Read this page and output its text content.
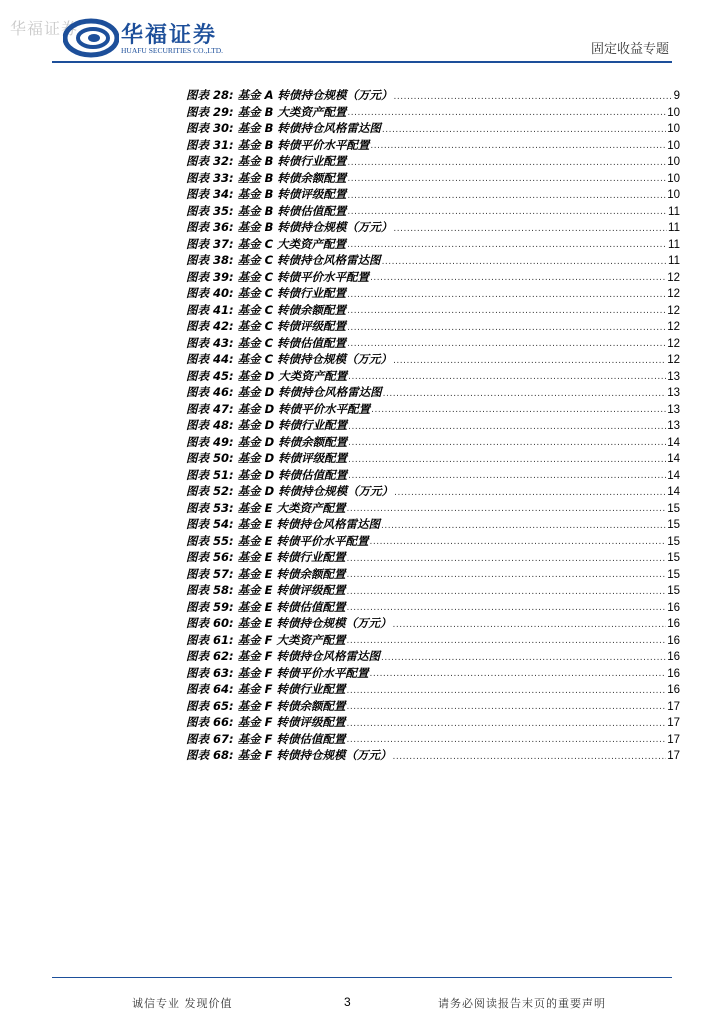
华福证券 华福证券
HUAFU SECURITIES CO.,LTD.	固定收益专题
图表 28: 基金 A 转债持仓规模（万元） .....	9
图表 29: 基金 B 大类资产配置 .....	10
图表 30: 基金 B 转债持仓风格雷达图 .....	10
图表 31: 基金 B 转债平价水平配置 .....	10
图表 32: 基金 B 转债行业配置 .....	10
图表 33: 基金 B 转债余额配置 .....	10
图表 34: 基金 B 转债评级配置 .....	10
图表 35: 基金 B 转债估值配置 .....	11
图表 36: 基金 B 转债持仓规模（万元） .....	11
图表 37: 基金 C 大类资产配置 .....	11
图表 38: 基金 C 转债持仓风格雷达图 .....	11
图表 39: 基金 C 转债平价水平配置 .....	12
图表 40: 基金 C 转债行业配置 .....	12
图表 41: 基金 C 转债余额配置 .....	12
图表 42: 基金 C 转债评级配置 .....	12
图表 43: 基金 C 转债估值配置 .....	12
图表 44: 基金 C 转债持仓规模（万元） .....	12
图表 45: 基金 D 大类资产配置 .....	13
图表 46: 基金 D 转债持仓风格雷达图 .....	13
图表 47: 基金 D 转债平价水平配置 .....	13
图表 48: 基金 D 转债行业配置 .....	13
图表 49: 基金 D 转债余额配置 .....	14
图表 50: 基金 D 转债评级配置 .....	14
图表 51: 基金 D 转债估值配置 .....	14
图表 52: 基金 D 转债持仓规模（万元） .....	14
图表 53: 基金 E 大类资产配置 .....	15
图表 54: 基金 E 转债持仓风格雷达图 .....	15
图表 55: 基金 E 转债平价水平配置 .....	15
图表 56: 基金 E 转债行业配置 .....	15
图表 57: 基金 E 转债余额配置 .....	15
图表 58: 基金 E 转债评级配置 .....	15
图表 59: 基金 E 转债估值配置 .....	16
图表 60: 基金 E 转债持仓规模（万元） .....	16
图表 61: 基金 F 大类资产配置 .....	16
图表 62: 基金 F 转债持仓风格雷达图 .....	16
图表 63: 基金 F 转债平价水平配置 .....	16
图表 64: 基金 F 转债行业配置 .....	16
图表 65: 基金 F 转债余额配置 .....	17
图表 66: 基金 F 转债评级配置 .....	17
图表 67: 基金 F 转债估值配置 .....	17
图表 68: 基金 F 转债持仓规模（万元） .....	17
诚信专业 发现价值	3	请务必阅读报告末页的重要声明
